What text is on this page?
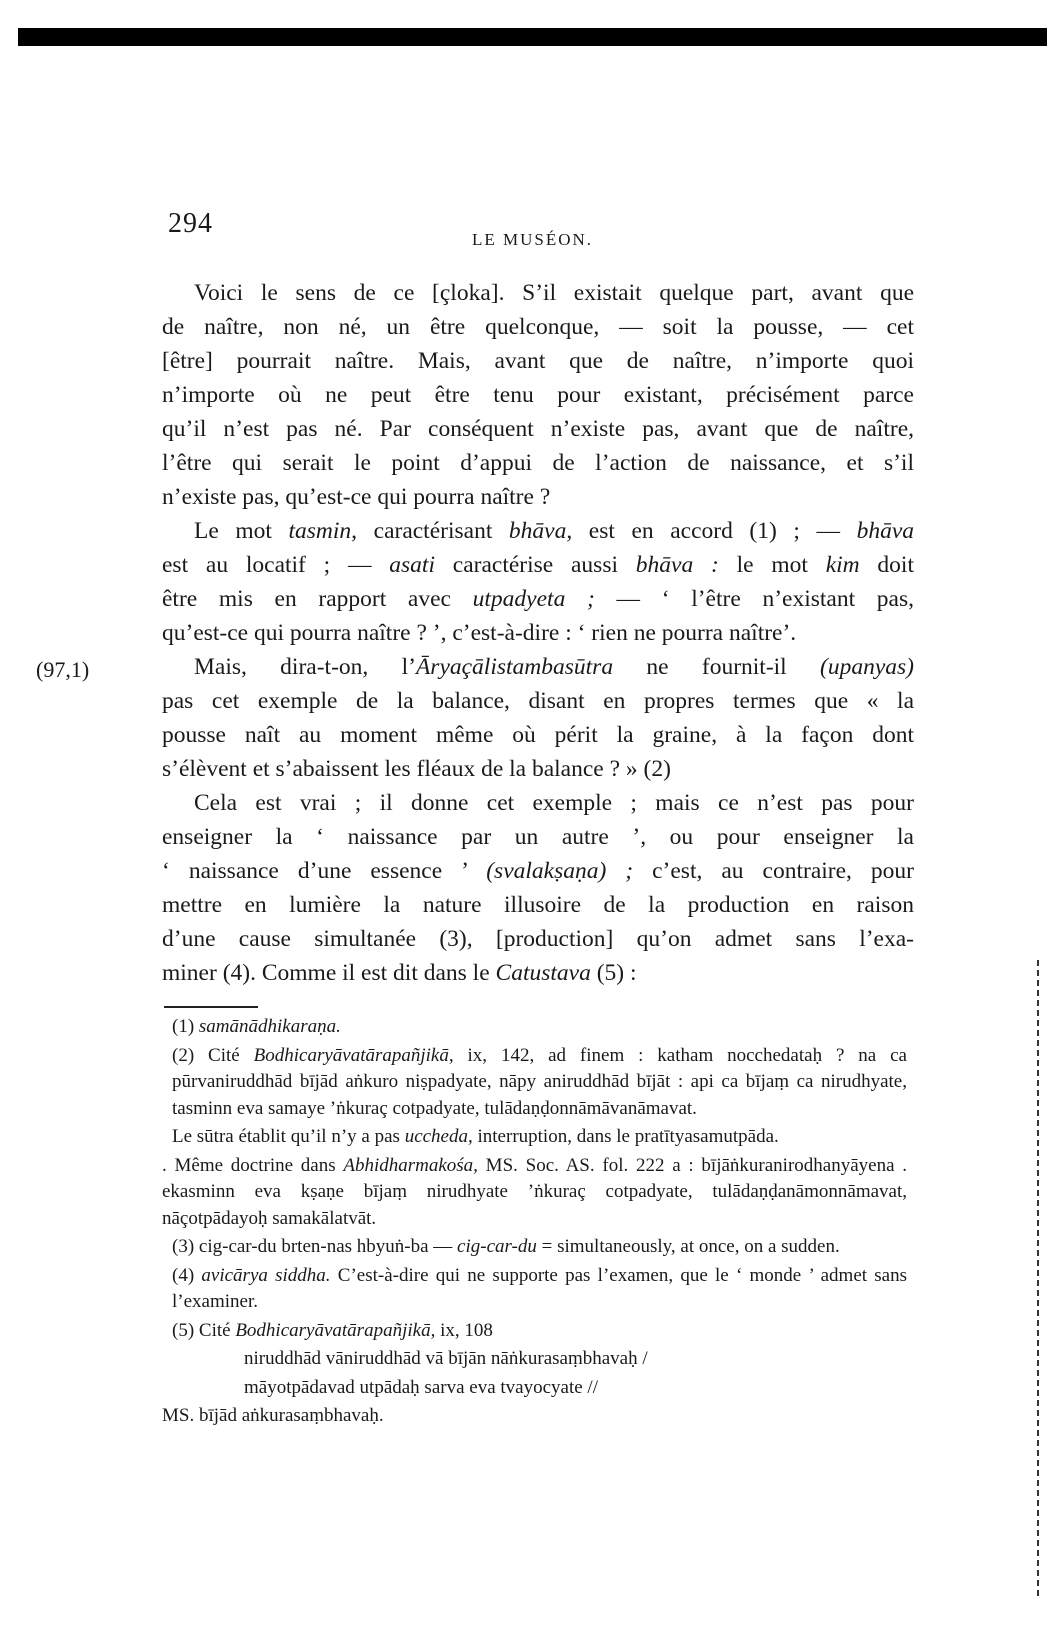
294
LE MUSÉON.
(97,1)

Voici le sens de ce [çloka]. S’il existait quelque part, avant que
de naître, non né, un être quelconque, — soit la pousse, — cet
[être] pourrait naître. Mais, avant que de naître, n’importe quoi
n’importe où ne peut être tenu pour existant, précisément parce
qu’il n’est pas né. Par conséquent n’existe pas, avant que de naître,
l’être qui serait le point d’appui de l’action de naissance, et s’il
n’existe pas, qu’est-ce qui pourra naître ?

Le mot tasmin, caractérisant bhāva, est en accord (1) ; — bhāva
est au locatif ; — asati caractérise aussi bhāva : le mot kim doit
être mis en rapport avec utpadyeta ; — ‘ l’être n’existant pas,
qu’est-ce qui pourra naître ? ’, c’est-à-dire : ‘ rien ne pourra naître’.

Mais, dira-t-on, l’Āryaçālistambasūtra ne fournit-il (upanyas)
pas cet exemple de la balance, disant en propres termes que « la
pousse naît au moment même où périt la graine, à la façon dont
s’élèvent et s’abaissent les fléaux de la balance ? » (2)

Cela est vrai ; il donne cet exemple ; mais ce n’est pas pour
enseigner la ‘ naissance par un autre ’, ou pour enseigner la
‘ naissance d’une essence ’ (svalakṣaṇa) ; c’est, au contraire, pour
mettre en lumière la nature illusoire de la production en raison
d’une cause simultanée (3), [production] qu’on admet sans l’exa-
miner (4). Comme il est dit dans le Catustava (5) :

(1) samānādhikaraṇa.

(2) Cité Bodhicaryāvatārapañjikā, ix, 142, ad finem : katham nocchedataḥ ? na ca pūrvaniruddhād bījād aṅkuro niṣpadyate, nāpy aniruddhād bījāt : api ca bījaṃ ca nirudhyate, tasminn eva samaye ’ṅkuraç cotpadyate, tulādaṇḍonnāmāvanāmavat.

Le sūtra établit qu’il n’y a pas uccheda, interruption, dans le pratītyasamutpāda.

. Même doctrine dans Abhidharmakośa, MS. Soc. AS. fol. 222 a : bījāṅkuranirodhanyāyena . ekasminn eva kṣaṇe bījaṃ nirudhyate ’ṅkuraç cotpadyate, tulādaṇḍanāmonnāmavat, nāçotpādayoḥ samakālatvāt.

(3) cig-car-du brten-nas hbyuṅ-ba — cig-car-du = simultaneously, at once, on a sudden.

(4) avicārya siddha. C’est-à-dire qui ne supporte pas l’examen, que le ‘ monde ’ admet sans l’examiner.

(5) Cité Bodhicaryāvatārapañjikā, ix, 108

niruddhād vāniruddhād vā bījān nāṅkurasaṃbhavaḥ /

māyotpādavad utpādaḥ sarva eva tvayocyate //

MS. bījād aṅkurasaṃbhavaḥ.
